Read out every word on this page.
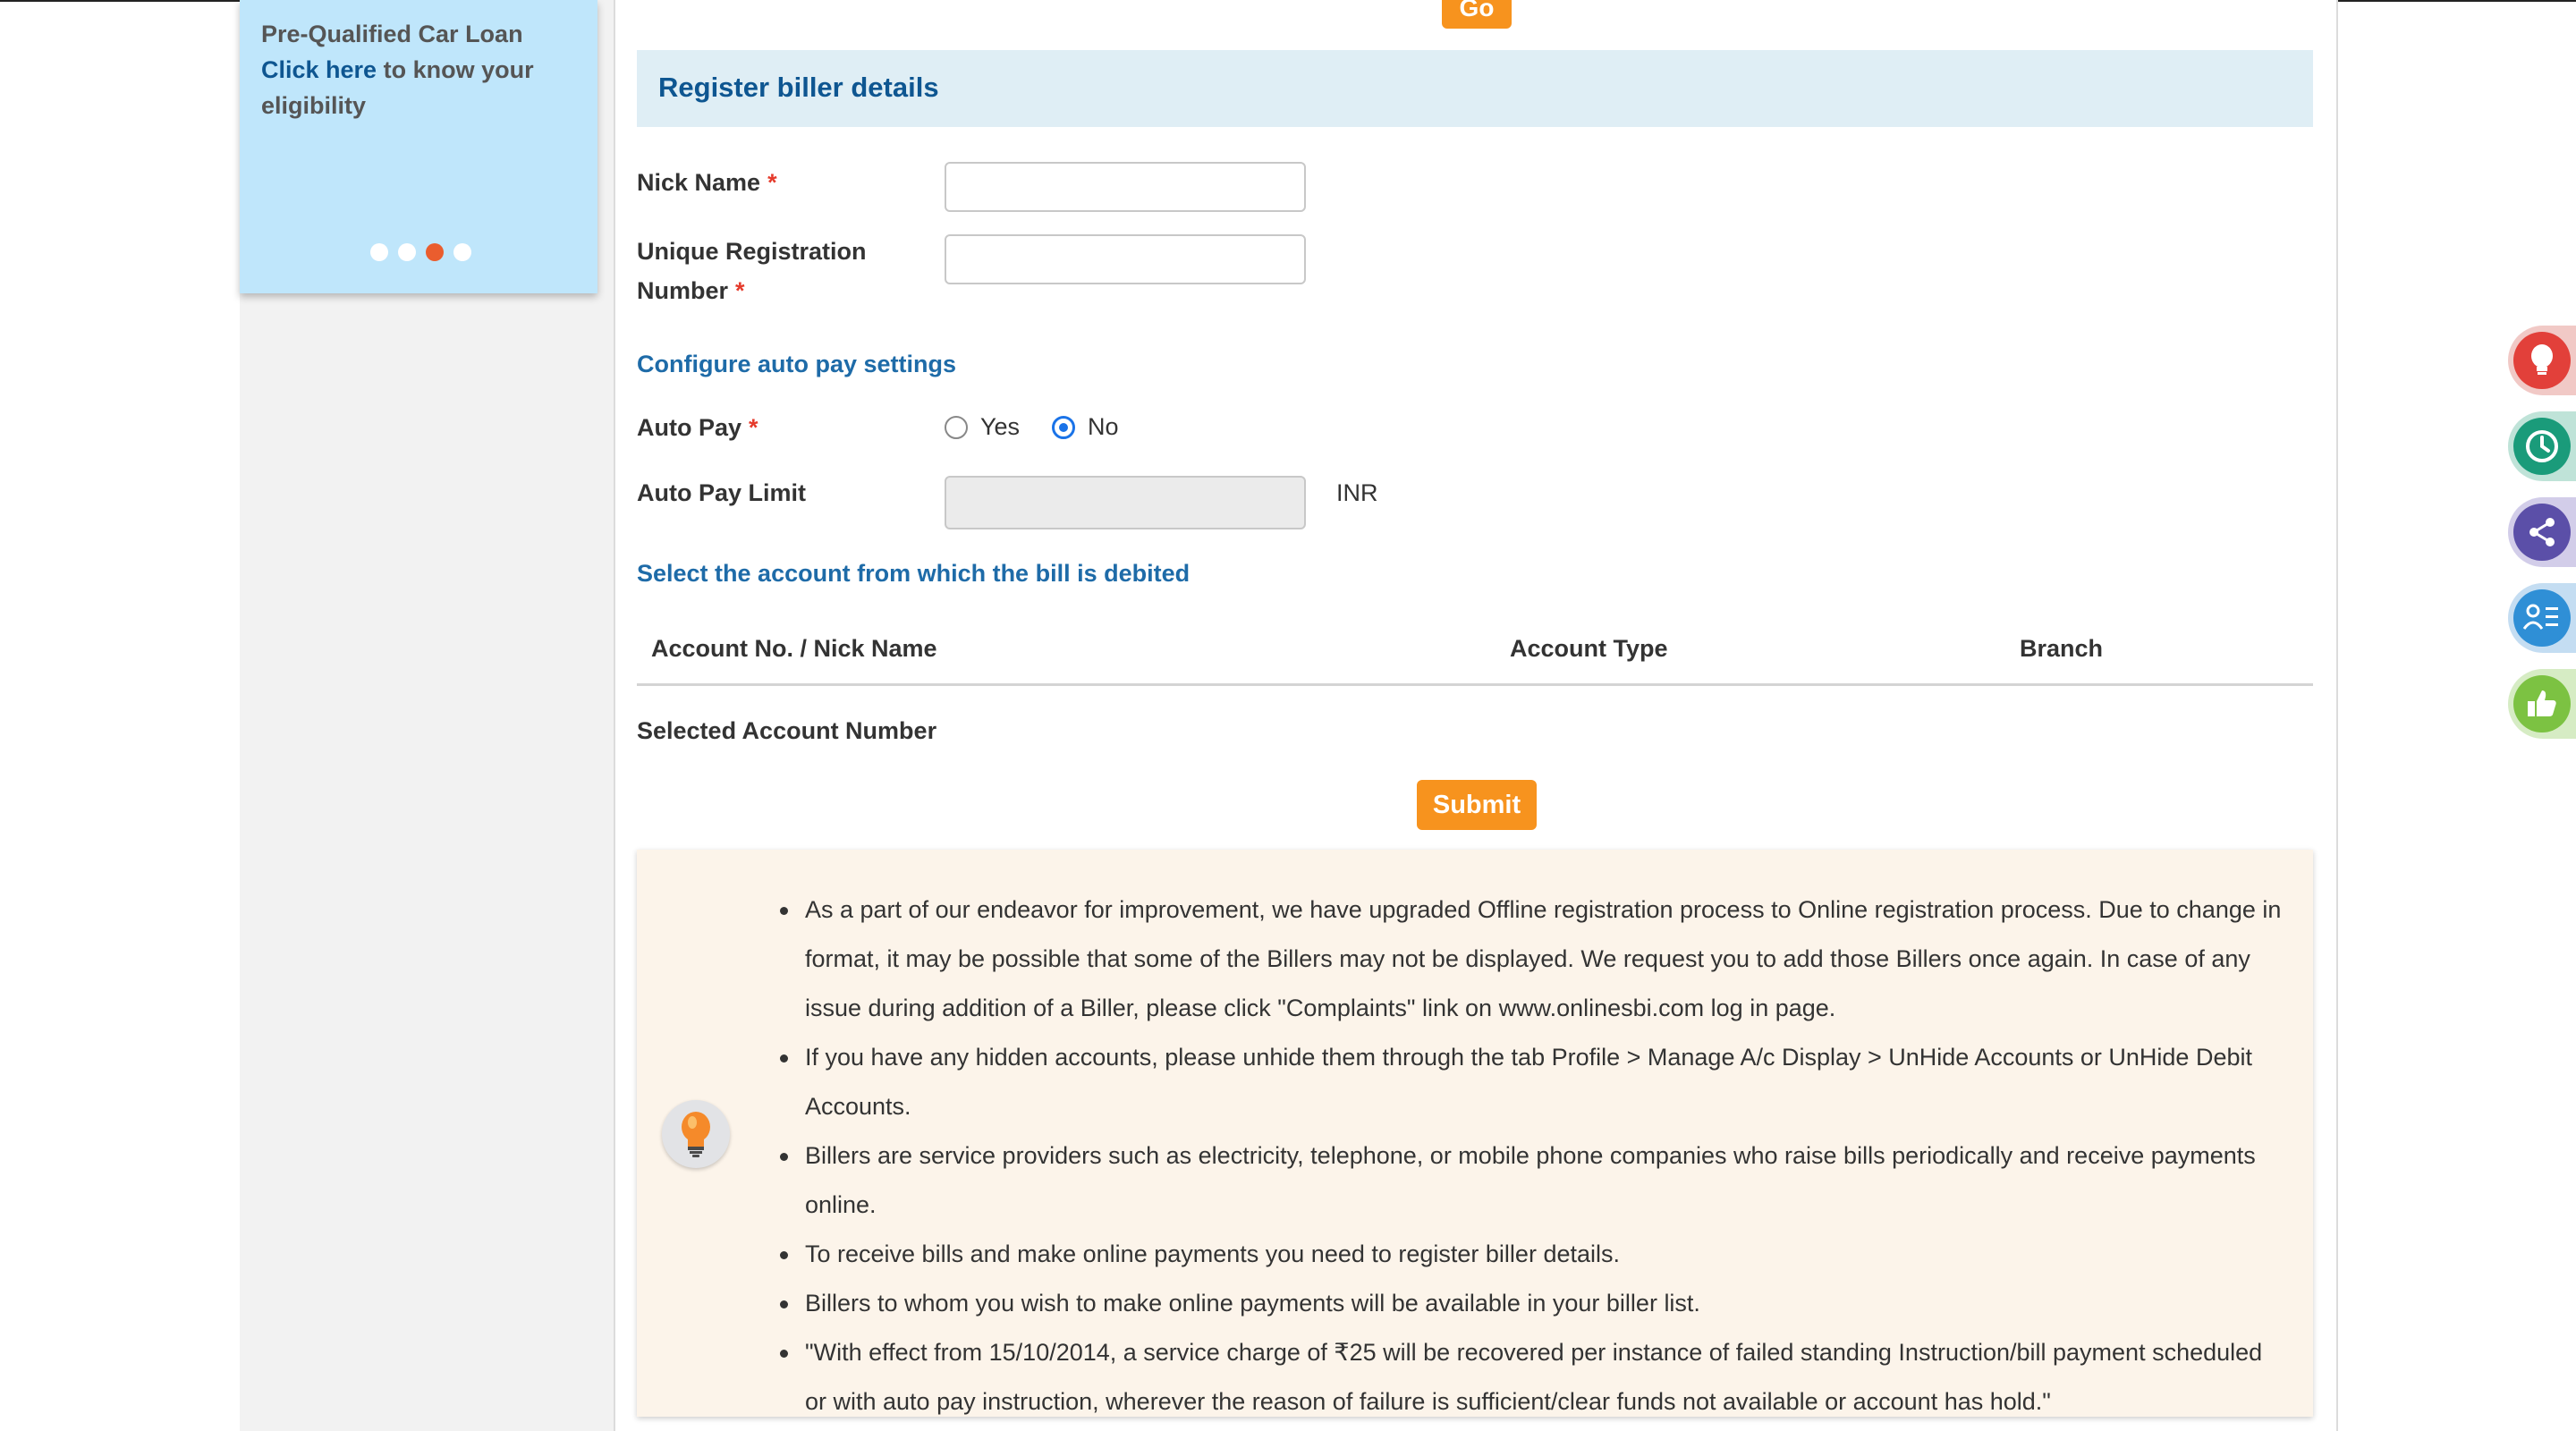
Pre-Qualified Car Loan Click here to know your eligibility
Go
Register biller details
Nick Name *
Unique Registration Number *
Configure auto pay settings
Auto Pay *	Yes	No
Auto Pay Limit	INR
Select the account from which the bill is debited
Account No. / Nick Name	Account Type	Branch
Selected Account Number
Submit
As a part of our endeavor for improvement, we have upgraded Offline registration process to Online registration process. Due to change in format, it may be possible that some of the Billers may not be displayed. We request you to add those Billers once again. In case of any issue during addition of a Biller, please click "Complaints" link on www.onlinesbi.com log in page.
If you have any hidden accounts, please unhide them through the tab Profile > Manage A/c Display > UnHide Accounts or UnHide Debit Accounts.
Billers are service providers such as electricity, telephone, or mobile phone companies who raise bills periodically and receive payments online.
To receive bills and make online payments you need to register biller details.
Billers to whom you wish to make online payments will be available in your biller list.
"With effect from 15/10/2014, a service charge of ₹25 will be recovered per instance of failed standing Instruction/bill payment scheduled or with auto pay instruction, wherever the reason of failure is sufficient/clear funds not available or account has hold."
